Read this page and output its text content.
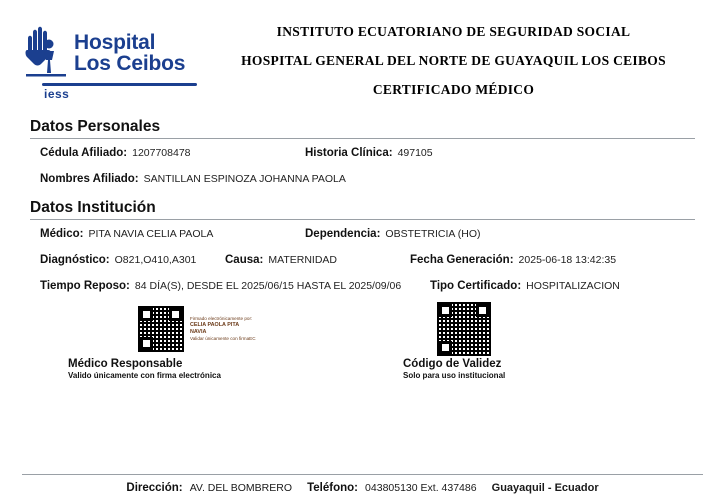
Hospital
Los Ceibos
iess
INSTITUTO ECUATORIANO DE SEGURIDAD SOCIAL
HOSPITAL GENERAL DEL NORTE DE GUAYAQUIL LOS CEIBOS
CERTIFICADO MÉDICO
Datos Personales
Cédula Afiliado: 1207708478	Historia Clínica: 497105
Nombres Afiliado: SANTILLAN ESPINOZA JOHANNA PAOLA
Datos Institución
Médico: PITA NAVIA CELIA PAOLA	Dependencia: OBSTETRICIA (HO)
Diagnóstico: O821,O410,A301 Causa: MATERNIDAD	Fecha Generación: 2025-06-18 13:42:35
Tiempo Reposo: 84 DÍA(S), DESDE EL 2025/06/15 HASTA EL 2025/09/06	Tipo Certificado: HOSPITALIZACION
Firmado electrónicamente por:
CELIA PAOLA PITA
NAVIA
Validar únicamente con firmaEC
Médico Responsable
Valido únicamente con firma electrónica
Código de Validez
Solo para uso institucional
Dirección: AV. DEL BOMBRERO Teléfono: 043805130 Ext. 437486 Guayaquil - Ecuador
